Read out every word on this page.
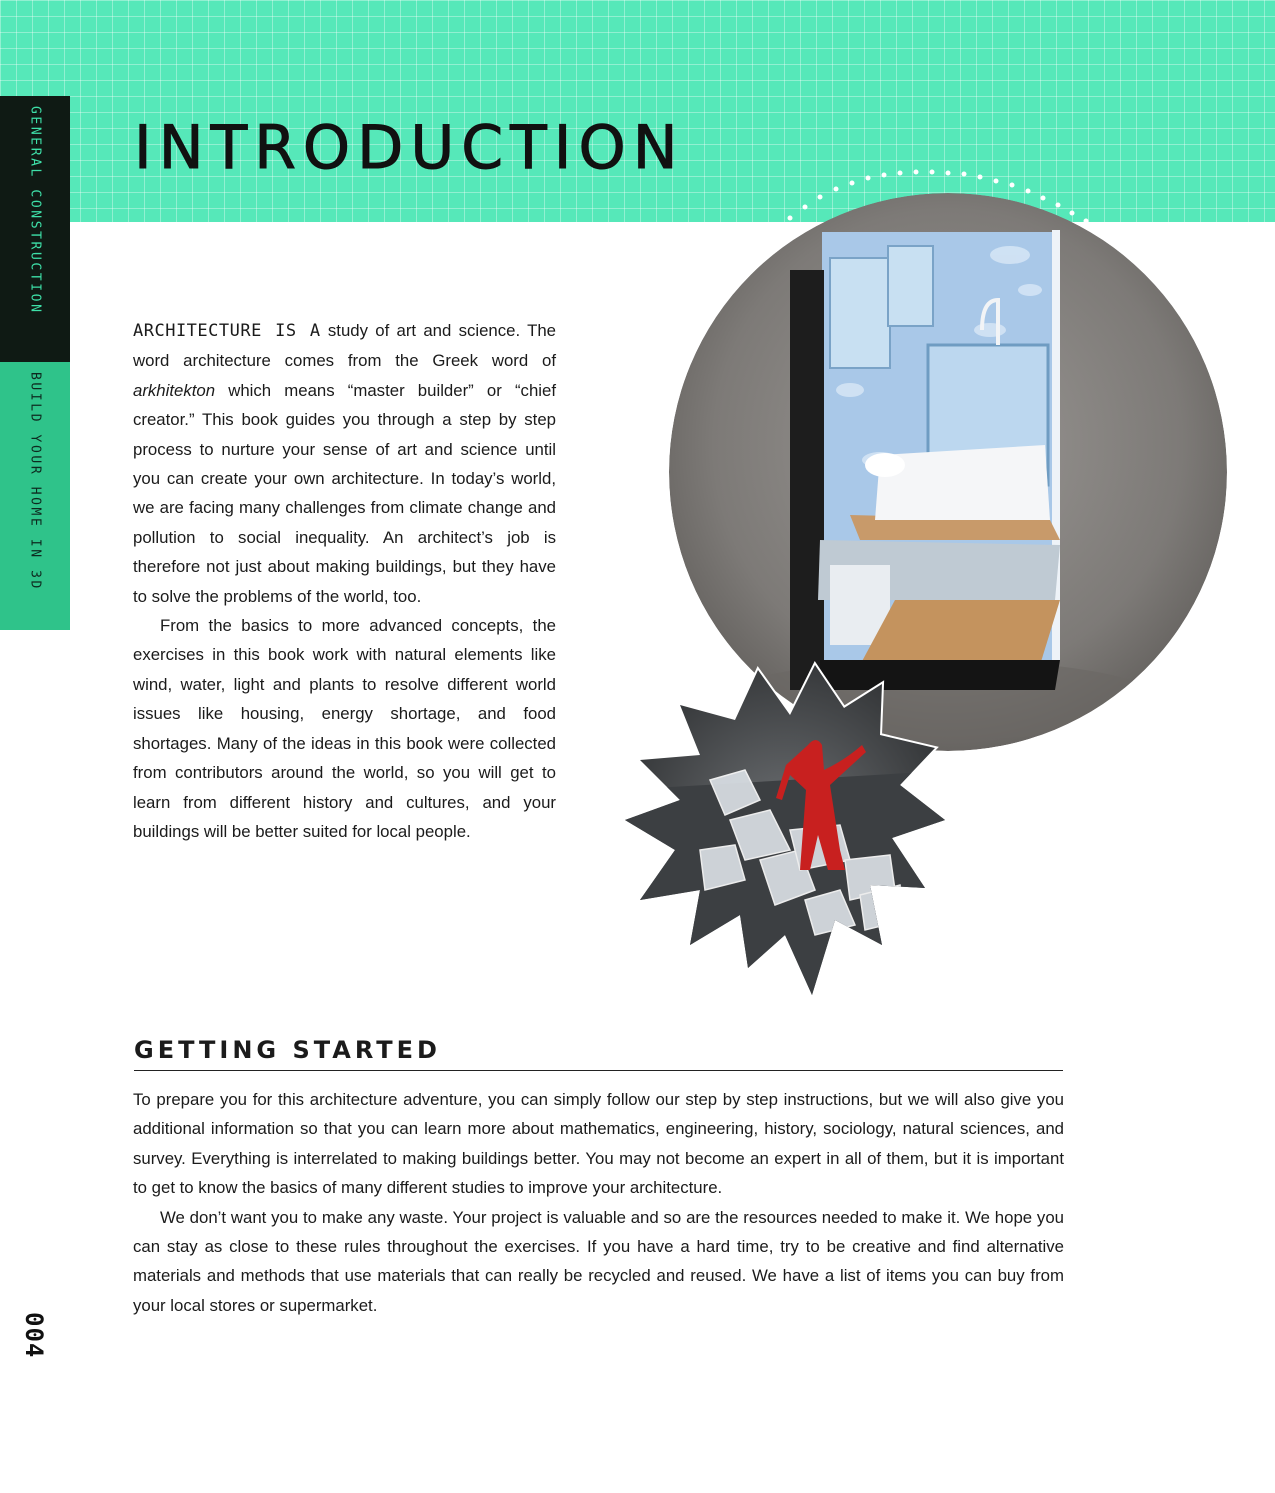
GENERAL CONSTRUCTION
BUILD YOUR HOME IN 3D
INTRODUCTION

ARCHITECTURE IS A study of art and science. The word architecture comes from the Greek word of arkhitekton which means “master builder” or “chief creator.” This book guides you through a step by step process to nurture your sense of art and science until you can create your own architecture. In today’s world, we are facing many challenges from climate change and pollution to social inequality. An architect’s job is therefore not just about making buildings, but they have to solve the problems of the world, too.

From the basics to more advanced concepts, the exercises in this book work with natural elements like wind, water, light and plants to resolve different world issues like housing, energy shortage, and food shortages. Many of the ideas in this book were collected from contributors around the world, so you will get to learn from different history and cultures, and your buildings will be better suited for local people.

GETTING STARTED

To prepare you for this architecture adventure, you can simply follow our step by step instructions, but we will also give you additional information so that you can learn more about mathematics, engineering, history, sociology, natural sciences, and survey. Everything is interrelated to making buildings better. You may not become an expert in all of them, but it is important to get to know the basics of many different studies to improve your architecture.

We don’t want you to make any waste. Your project is valuable and so are the resources needed to make it. We hope you can stay as close to these rules throughout the exercises. If you have a hard time, try to be creative and find alternative materials and methods that use materials that can really be recycled and reused. We have a list of items you can buy from your local stores or supermarket.

004
